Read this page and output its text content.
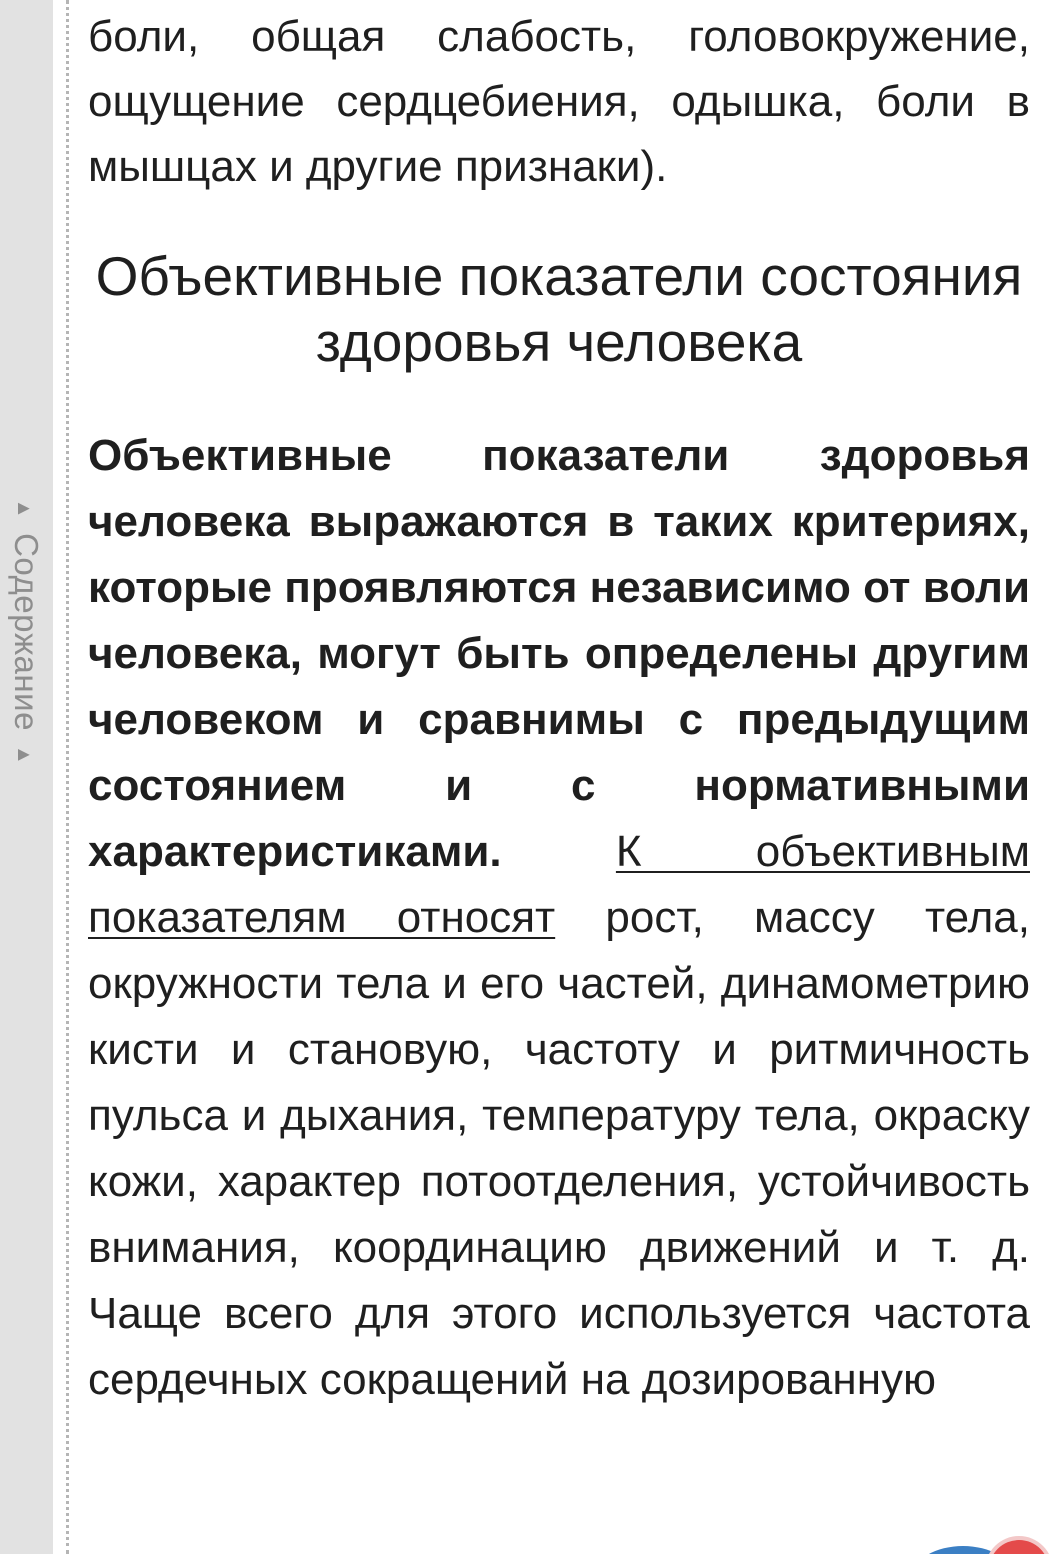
▲Содержание▲

боли, общая слабость, головокружение, ощущение сердцебиения, одышка, боли в мышцах и другие признаки).

Объективные показатели состояния здоровья человека

Объективные показатели здоровья человека выражаются в таких критериях, которые проявляются независимо от воли человека, могут быть определены другим человеком и сравнимы с предыдущим состоянием и с нормативными характеристиками.	К объективным показателям относят рост, массу тела, окружности тела и его частей, динамометрию кисти и становую, частоту и ритмичность пульса и дыхания, температуру тела, окраску кожи, характер потоотделения, устойчивость внимания, координацию движений и т. д. Чаще всего для этого используется частота сердечных сокращений на дозированную
